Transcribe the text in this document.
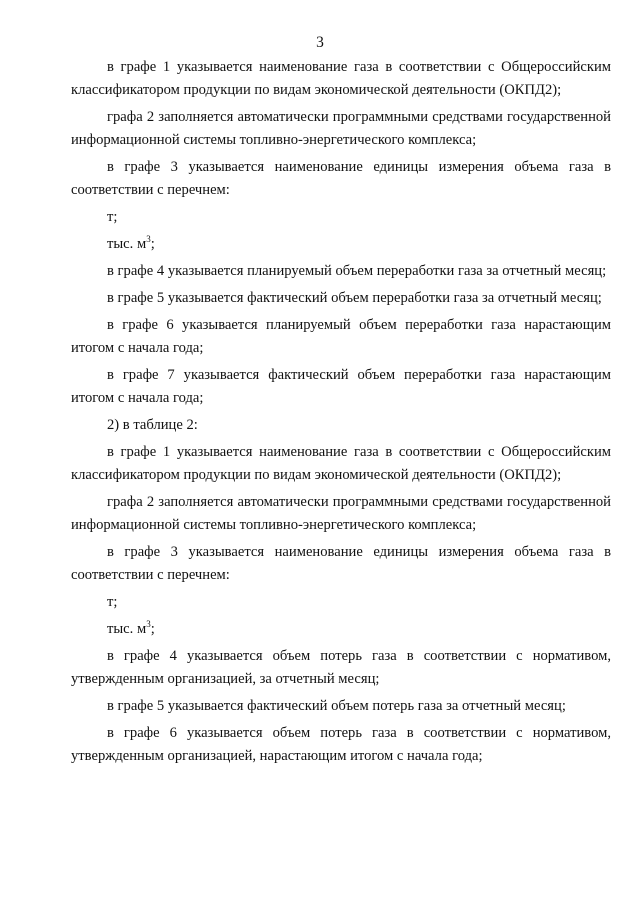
3

в графе 1 указывается наименование газа в соответствии с Общероссийским классификатором продукции по видам экономической деятельности (ОКПД2);

графа 2 заполняется автоматически программными средствами государственной информационной системы топливно-энергетического комплекса;

в графе 3 указывается наименование единицы измерения объема газа в соответствии с перечнем:

т;

тыс. $м^3$;

в графе 4 указывается планируемый объем переработки газа за отчетный месяц;

в графе 5 указывается фактический объем переработки газа за отчетный месяц;

в графе 6 указывается планируемый объем переработки газа нарастающим итогом с начала года;

в графе 7 указывается фактический объем переработки газа нарастающим итогом с начала года;

2) в таблице 2:

в графе 1 указывается наименование газа в соответствии с Общероссийским классификатором продукции по видам экономической деятельности (ОКПД2);

графа 2 заполняется автоматически программными средствами государственной информационной системы топливно-энергетического комплекса;

в графе 3 указывается наименование единицы измерения объема газа в соответствии с перечнем:

т;

тыс. $м^3$;

в графе 4 указывается объем потерь газа в соответствии с нормативом, утвержденным организацией, за отчетный месяц;

в графе 5 указывается фактический объем потерь газа за отчетный месяц;

в графе 6 указывается объем потерь газа в соответствии с нормативом, утвержденным организацией, нарастающим итогом с начала года;
